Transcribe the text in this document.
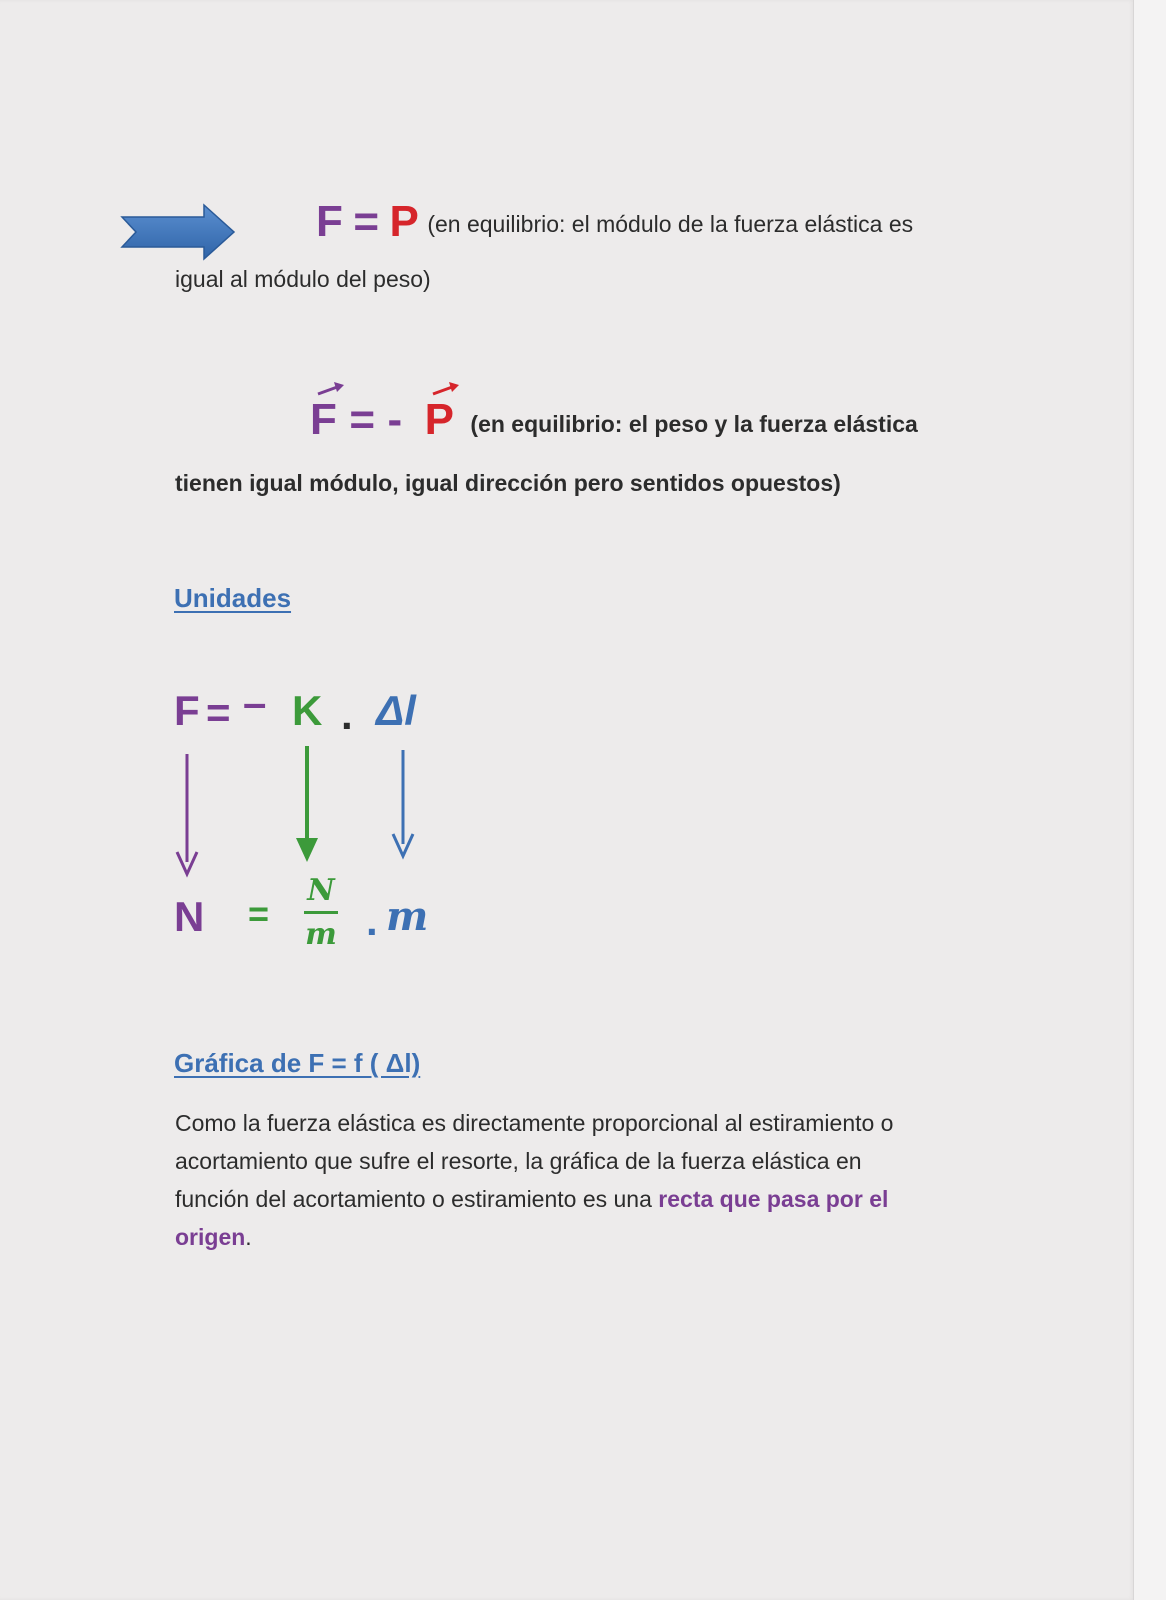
F = P (en equilibrio: el módulo de la fuerza elástica es
igual al módulo del peso)
F = - P (en equilibrio: el peso y la fuerza elástica
tienen igual módulo, igual dirección pero sentidos opuestos)
Unidades
F = – K . Δl
N =
N
m . m
Gráfica de F = f ( Δl)
Como la fuerza elástica es directamente proporcional al estiramiento o
acortamiento que sufre el resorte, la gráfica de la fuerza elástica en
función del acortamiento o estiramiento es una recta que pasa por el
origen.
